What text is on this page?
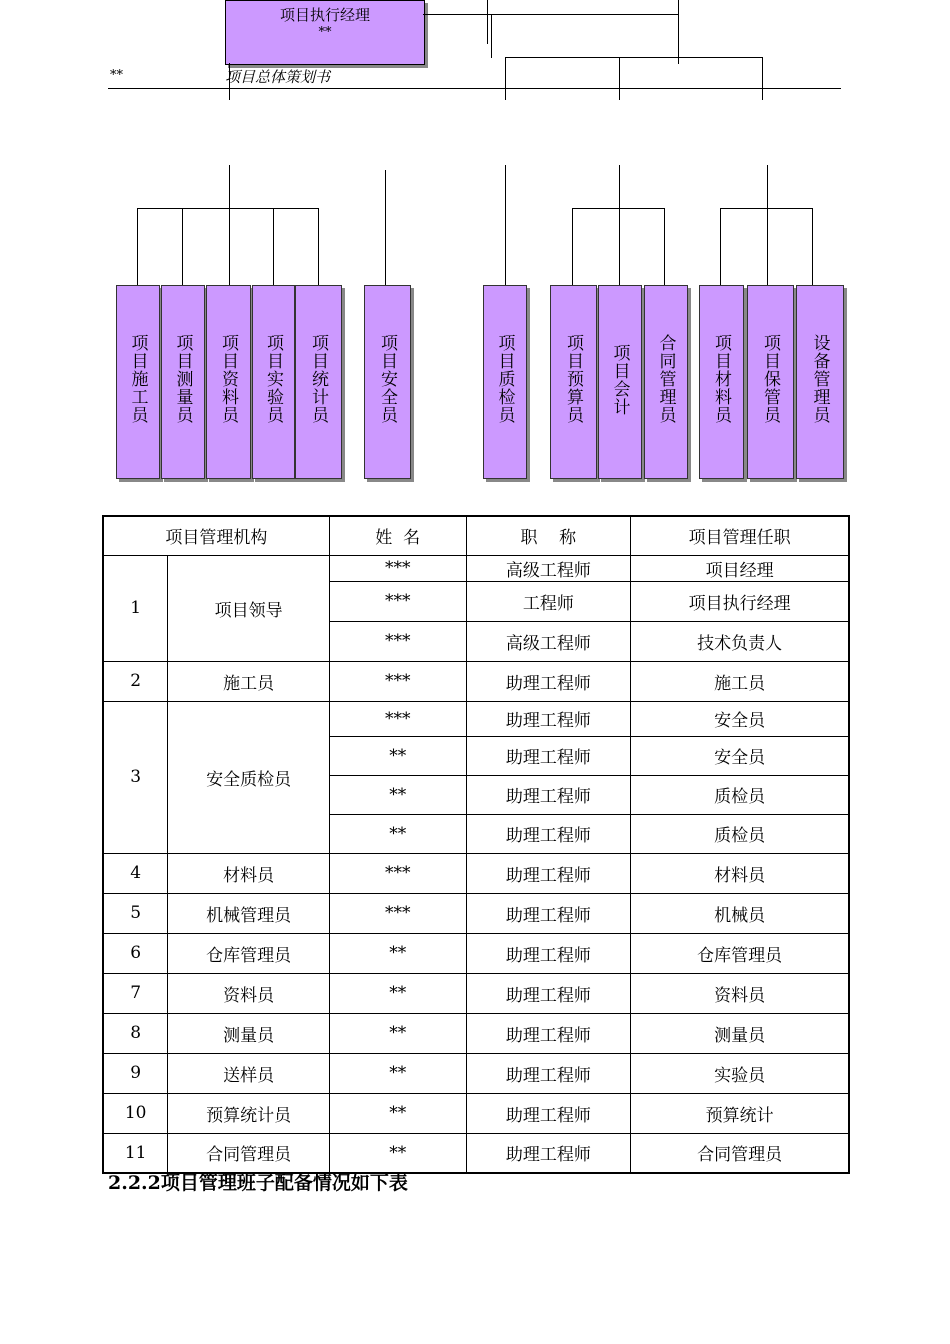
项目执行经理
**
**	项目总体策划书
项目施工员 项目测量员 项目资料员 项目实验员 项目统计员	项目安全员	项目质检员	项目预算员 项目会计 合同管理员 项目材料员 项目保管员 设备管理员
项目管理机构		姓  名	职    称	项目管理任职
1	项目领导	***	高级工程师	项目经理
		***	工程师	项目执行经理
		***	高级工程师	技术负责人
2	施工员	***	助理工程师	施工员
3	安全质检员	***	助理工程师	安全员
		**	助理工程师	安全员
		**	助理工程师	质检员
		**	助理工程师	质检员
4	材料员	***	助理工程师	材料员
5	机械管理员	***	助理工程师	机械员
6	仓库管理员	**	助理工程师	仓库管理员
7	资料员	**	助理工程师	资料员
8	测量员	**	助理工程师	测量员
9	送样员	**	助理工程师	实验员
10	预算统计员	**	助理工程师	预算统计
11	合同管理员	**	助理工程师	合同管理员
2.2.2项目管理班子配备情况如下表
